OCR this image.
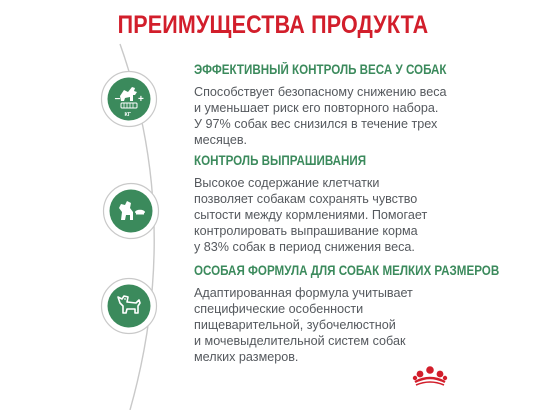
ПРЕИМУЩЕСТВА ПРОДУКТА
− +
КГ
ЭФФЕКТИВНЫЙ КОНТРОЛЬ ВЕСА У СОБАК
Способствует безопасному снижению веса
и уменьшает риск его повторного набора.
У 97% собак вес снизился в течение трех
месяцев.
КОНТРОЛЬ ВЫПРАШИВАНИЯ
Высокое содержание клетчатки
позволяет собакам сохранять чувство
сытости между кормлениями. Помогает
контролировать выпрашивание корма
у 83% собак в период снижения веса.
ОСОБАЯ ФОРМУЛА ДЛЯ СОБАК МЕЛКИХ РАЗМЕРОВ
Адаптированная формула учитывает
специфические особенности
пищеварительной, зубочелюстной
и мочевыделительной систем собак
мелких размеров.
